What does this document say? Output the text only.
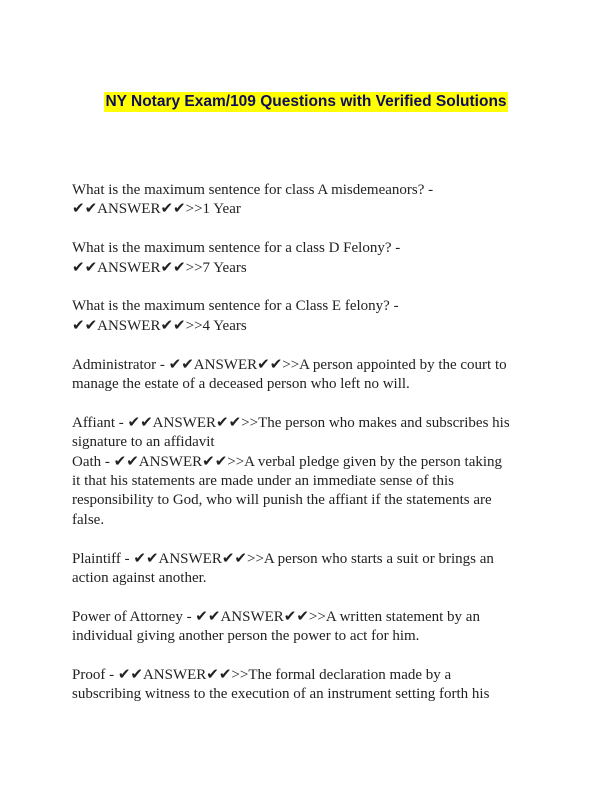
NY Notary Exam/109 Questions with Verified Solutions
What is the maximum sentence for class A misdemeanors? -
✔✔ANSWER✔✔>>1 Year
What is the maximum sentence for a class D Felony? -
✔✔ANSWER✔✔>>7 Years
What is the maximum sentence for a Class E felony? -
✔✔ANSWER✔✔>>4 Years
Administrator - ✔✔ANSWER✔✔>>A person appointed by the court to
manage the estate of a deceased person who left no will.
Affiant - ✔✔ANSWER✔✔>>The person who makes and subscribes his
signature to an affidavit
Oath - ✔✔ANSWER✔✔>>A verbal pledge given by the person taking
it that his statements are made under an immediate sense of this
responsibility to God, who will punish the affiant if the statements are
false.
Plaintiff - ✔✔ANSWER✔✔>>A person who starts a suit or brings an
action against another.
Power of Attorney - ✔✔ANSWER✔✔>>A written statement by an
individual giving another person the power to act for him.
Proof - ✔✔ANSWER✔✔>>The formal declaration made by a
subscribing witness to the execution of an instrument setting forth his
